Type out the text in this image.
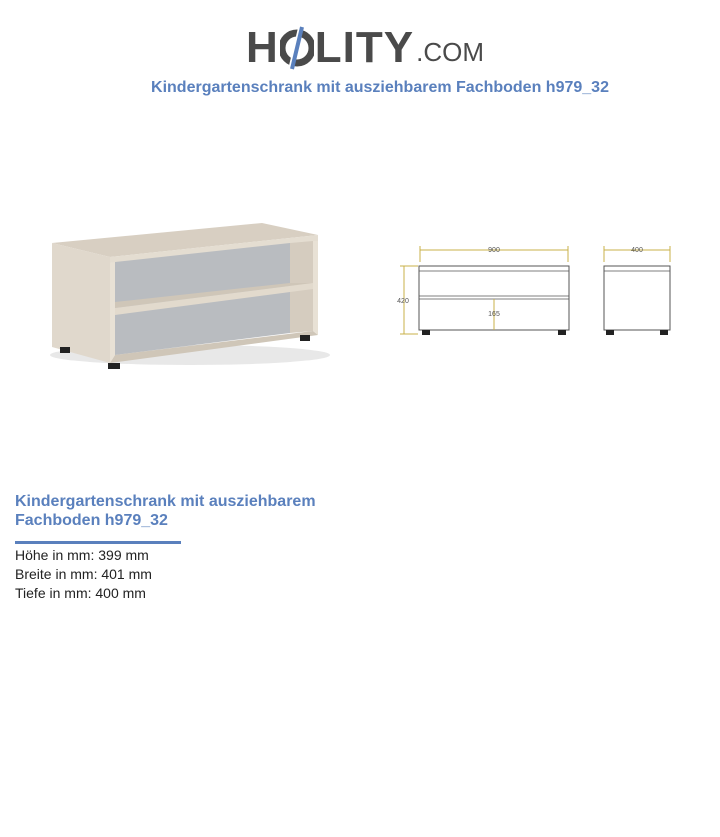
H LITY .COM
Kindergartenschrank mit ausziehbarem Fachboden h979_32
900
420
165
400
Kindergartenschrank mit ausziehbarem Fachboden h979_32
Höhe in mm: 399 mm
Breite in mm: 401 mm
Tiefe in mm: 400 mm
